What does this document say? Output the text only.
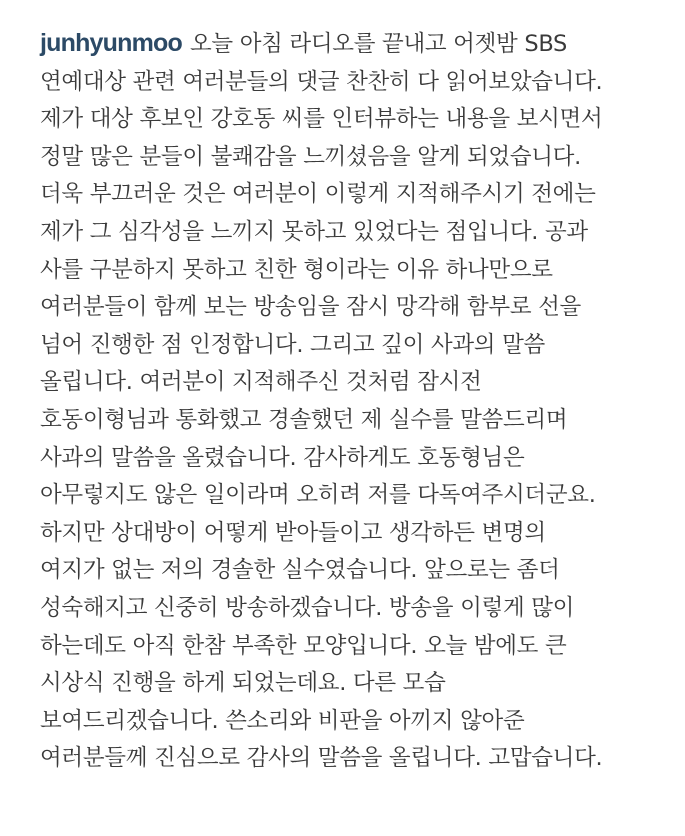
junhyunmoo 오늘 아침 라디오를 끝내고 어젯밤 SBS
연예대상 관련 여러분들의 댓글 찬찬히 다 읽어보았습니다.
제가 대상 후보인 강호동 씨를 인터뷰하는 내용을 보시면서
정말 많은 분들이 불쾌감을 느끼셨음을 알게 되었습니다.
더욱 부끄러운 것은 여러분이 이렇게 지적해주시기 전에는
제가 그 심각성을 느끼지 못하고 있었다는 점입니다. 공과
사를 구분하지 못하고 친한 형이라는 이유 하나만으로
여러분들이 함께 보는 방송임을 잠시 망각해 함부로 선을
넘어 진행한 점 인정합니다. 그리고 깊이 사과의 말씀
올립니다. 여러분이 지적해주신 것처럼 잠시전
호동이형님과 통화했고 경솔했던 제 실수를 말씀드리며
사과의 말씀을 올렸습니다. 감사하게도 호동형님은
아무렇지도 않은 일이라며 오히려 저를 다독여주시더군요.
하지만 상대방이 어떻게 받아들이고 생각하든 변명의
여지가 없는 저의 경솔한 실수였습니다. 앞으로는 좀더
성숙해지고 신중히 방송하겠습니다. 방송을 이렇게 많이
하는데도 아직 한참 부족한 모양입니다. 오늘 밤에도 큰
시상식 진행을 하게 되었는데요. 다른 모습
보여드리겠습니다. 쓴소리와 비판을 아끼지 않아준
여러분들께 진심으로 감사의 말씀을 올립니다. 고맙습니다.
